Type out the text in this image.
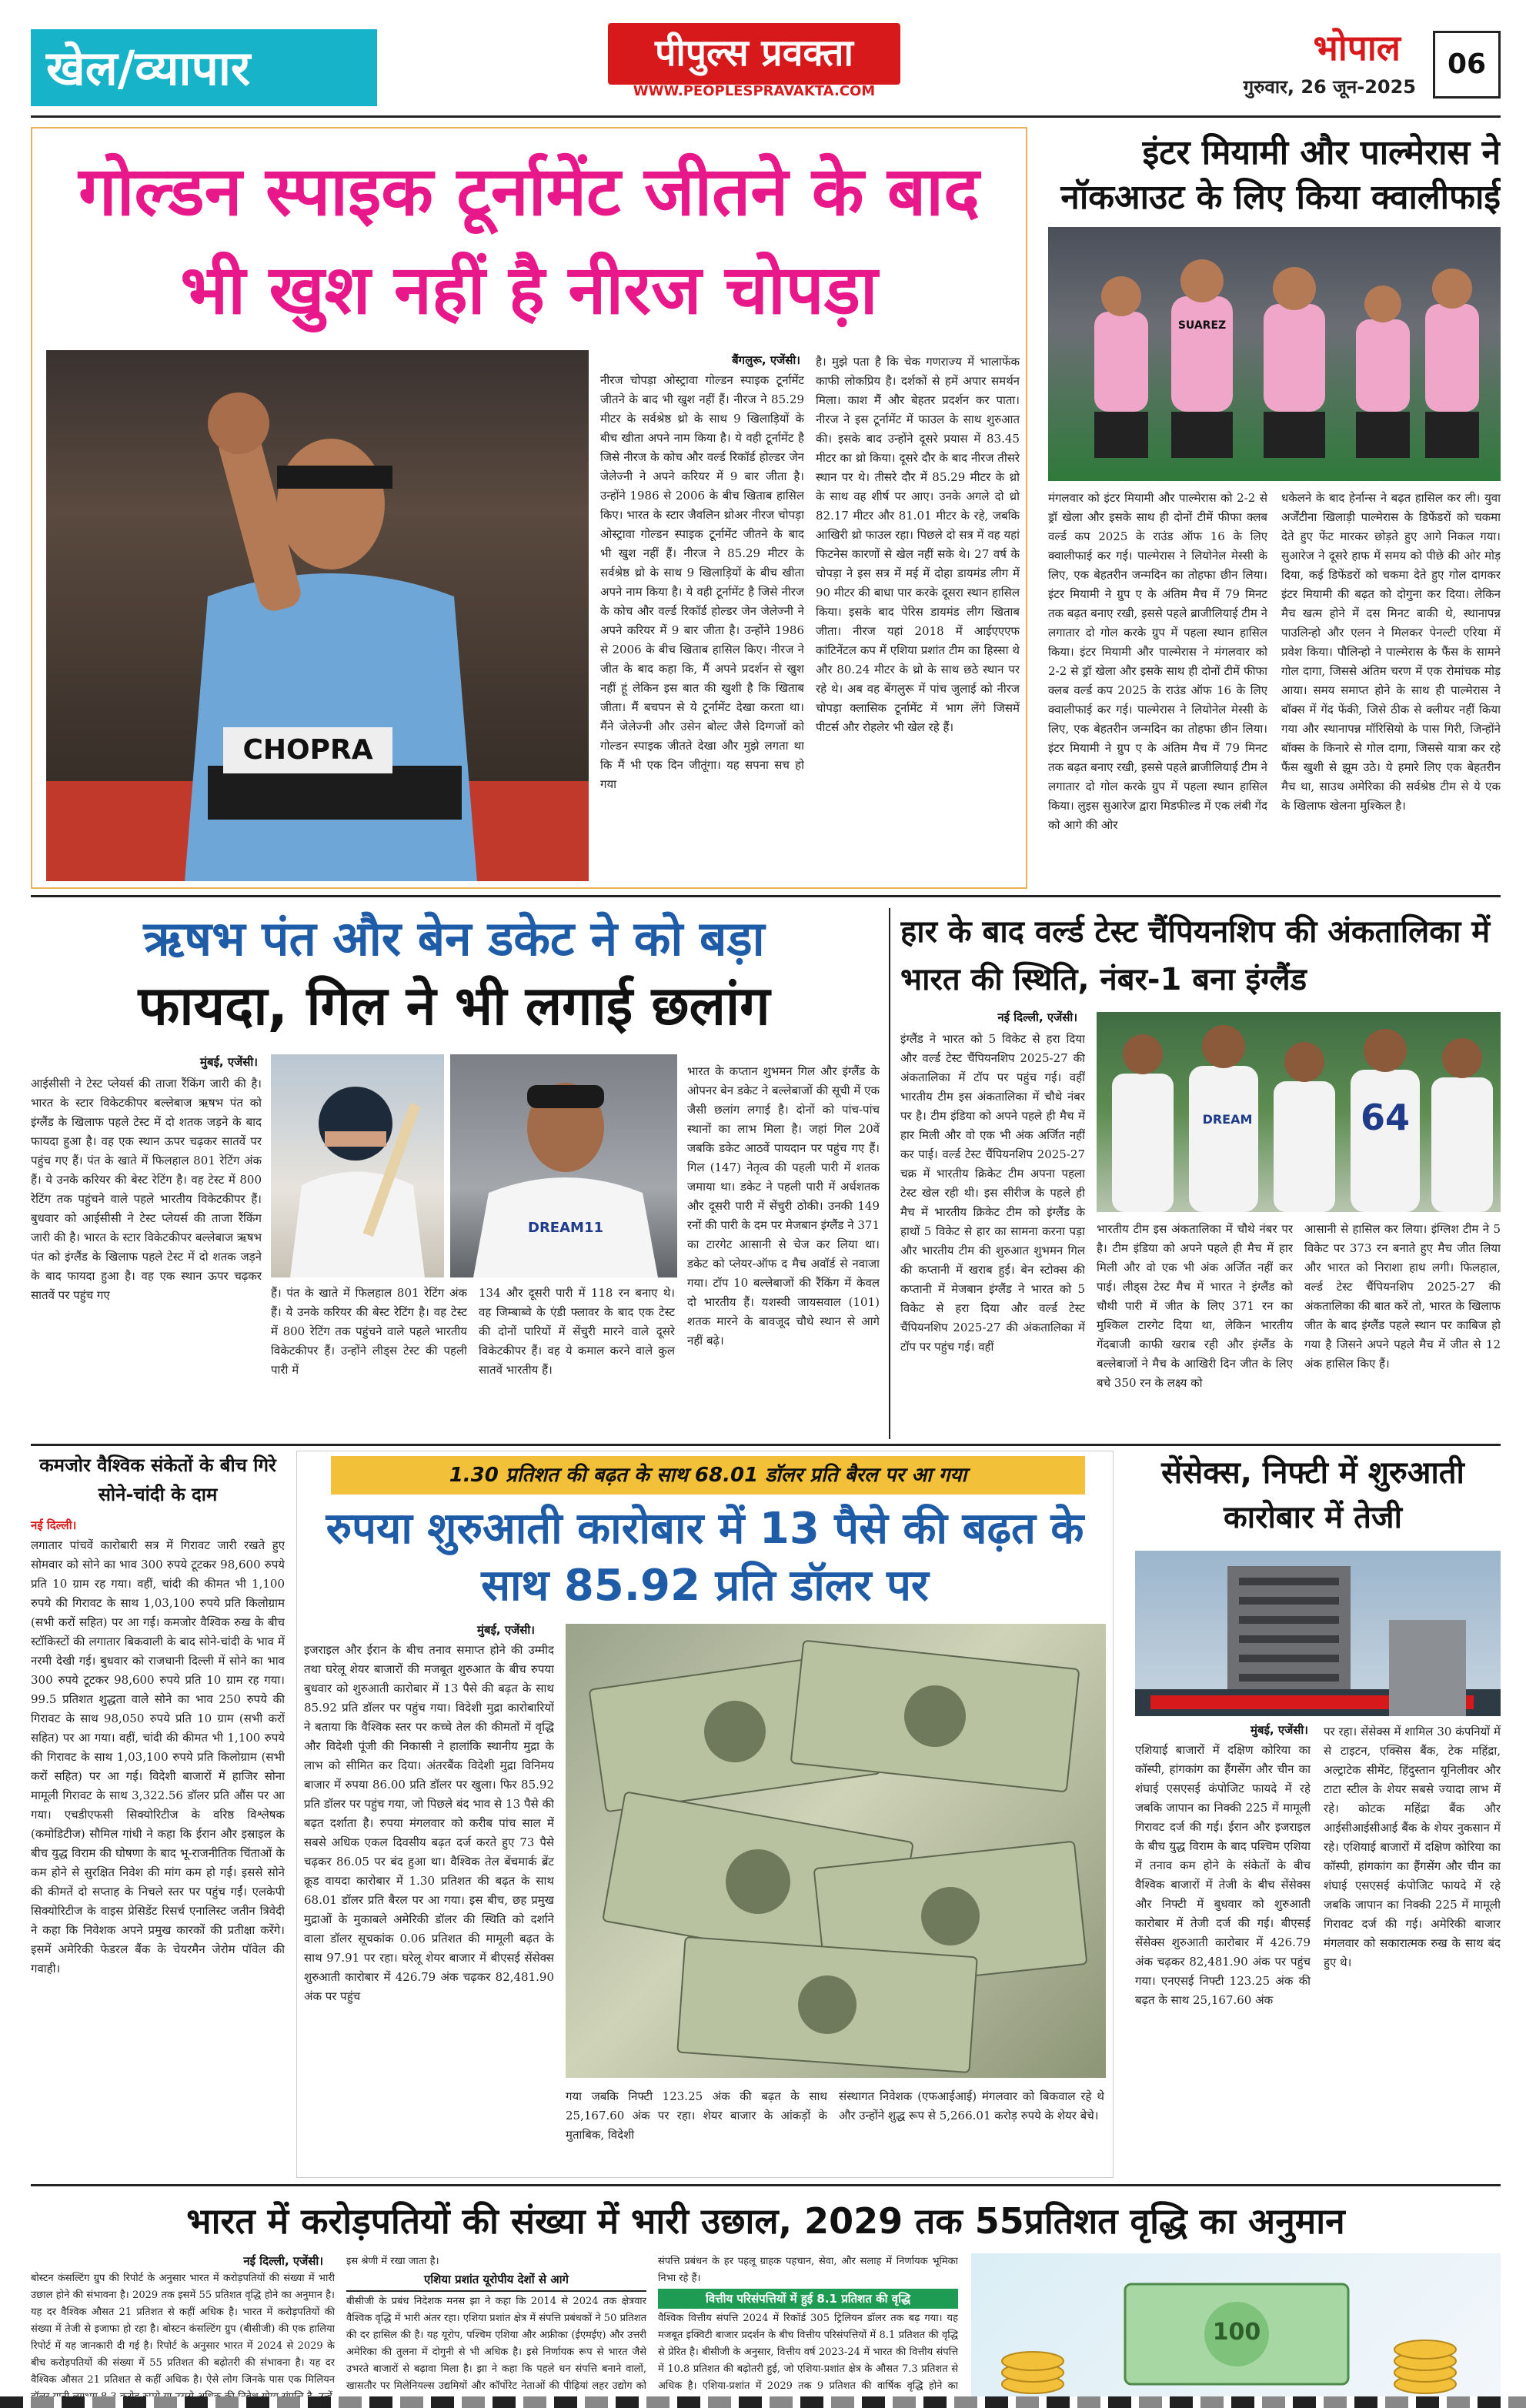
खेल/व्यापार	पीपुल्स प्रवक्ता
WWW.PEOPLESPRAVAKTA.COM
भोपाल
गुरुवार, 26 जून-2025
06
गोल्डन स्पाइक टूर्नामेंट जीतने के बाद भी खुश नहीं है नीरज चोपड़ा
CHOPRA
बैंगलुरू, एजेंसी।
नीरज चोपड़ा ओस्ट्रावा गोल्डन स्पाइक टूर्नामेंट जीतने के बाद भी खुश नहीं हैं। नीरज ने 85.29 मीटर के सर्वश्रेष्ठ थ्रो के साथ 9 खिलाड़ियों के बीच खीता अपने नाम किया है। ये वही टूर्नामेंट है जिसे नीरज के कोच और वर्ल्ड रिकॉर्ड होल्डर जेन जेलेज्नी ने अपने करियर में 9 बार जीता है। उन्होंने 1986 से 2006 के बीच खिताब हासिल किए। भारत के स्टार जैवलिन थ्रोअर नीरज चोपड़ा ओस्ट्रावा गोल्डन स्पाइक टूर्नामेंट जीतने के बाद भी खुश नहीं हैं। नीरज ने 85.29 मीटर के सर्वश्रेष्ठ थ्रो के साथ 9 खिलाड़ियों के बीच खीता अपने नाम किया है। ये वही टूर्नामेंट है जिसे नीरज के कोच और वर्ल्ड रिकॉर्ड होल्डर जेन जेलेज्नी ने अपने करियर में 9 बार जीता है। उन्होंने 1986 से 2006 के बीच खिताब हासिल किए। नीरज ने जीत के बाद कहा कि, मैं अपने प्रदर्शन से खुश नहीं हूं लेकिन इस बात की खुशी है कि खिताब जीता। मैं बचपन से ये टूर्नामेंट देखा करता था। मैंने जेलेज्नी और उसेन बोल्ट जैसे दिग्गजों को गोल्डन स्पाइक जीतते देखा और मुझे लगता था कि मैं भी एक दिन जीतूंगा। यह सपना सच हो गया
है। मुझे पता है कि चेक गणराज्य में भालाफेंक काफी लोकप्रिय है। दर्शकों से हमें अपार समर्थन मिला। काश मैं और बेहतर प्रदर्शन कर पाता। नीरज ने इस टूर्नामेंट में फाउल के साथ शुरुआत की। इसके बाद उन्होंने दूसरे प्रयास में 83.45 मीटर का थ्रो किया। दूसरे दौर के बाद नीरज तीसरे स्थान पर थे। तीसरे दौर में 85.29 मीटर के थ्रो के साथ वह शीर्ष पर आए। उनके अगले दो थ्रो 82.17 मीटर और 81.01 मीटर के रहे, जबकि आखिरी थ्रो फाउल रहा। पिछले दो सत्र में वह यहां फिटनेस कारणों से खेल नहीं सके थे। 27 वर्ष के चोपड़ा ने इस सत्र में मई में दोहा डायमंड लीग में 90 मीटर की बाधा पार करके दूसरा स्थान हासिल किया। इसके बाद पेरिस डायमंड लीग खिताब जीता। नीरज यहां 2018 में आईएएएफ कांटिनेंटल कप में एशिया प्रशांत टीम का हिस्सा थे और 80.24 मीटर के थ्रो के साथ छठे स्थान पर रहे थे। अब वह बेंगलुरू में पांच जुलाई को नीरज चोपड़ा क्लासिक टूर्नामेंट में भाग लेंगे जिसमें पीटर्स और रोहलेर भी खेल रहे हैं।
इंटर मियामी और पाल्मेरास ने नॉकआउट के लिए किया क्वालीफाई
SUAREZ
मंगलवार को इंटर मियामी और पाल्मेरास को 2-2 से ड्रॉ खेला और इसके साथ ही दोनों टीमें फीफा क्लब वर्ल्ड कप 2025 के राउंड ऑफ 16 के लिए क्वालीफाई कर गई। पाल्मेरास ने लियोनेल मेस्सी के लिए, एक बेहतरीन जन्मदिन का तोहफा छीन लिया। इंटर मियामी ने ग्रुप ए के अंतिम मैच में 79 मिनट तक बढ़त बनाए रखी, इससे पहले ब्राजीलियाई टीम ने लगातार दो गोल करके ग्रुप में पहला स्थान हासिल किया। इंटर मियामी और पाल्मेरास ने मंगलवार को 2-2 से ड्रॉ खेला और इसके साथ ही दोनों टीमें फीफा क्लब वर्ल्ड कप 2025 के राउंड ऑफ 16 के लिए क्वालीफाई कर गई। पाल्मेरास ने लियोनेल मेस्सी के लिए, एक बेहतरीन जन्मदिन का तोहफा छीन लिया। इंटर मियामी ने ग्रुप ए के अंतिम मैच में 79 मिनट तक बढ़त बनाए रखी, इससे पहले ब्राजीलियाई टीम ने लगातार दो गोल करके ग्रुप में पहला स्थान हासिल किया। लुइस सुआरेज द्वारा मिडफील्ड में एक लंबी गेंद को आगे की ओर
धकेलने के बाद हेर्नान्स ने बढ़त हासिल कर ली। युवा अर्जेंटीना खिलाड़ी पाल्मेरास के डिफेंडरों को चकमा देते हुए फेंट मारकर छोड़ते हुए आगे निकल गया। सुआरेज ने दूसरे हाफ में समय को पीछे की ओर मोड़ दिया, कई डिफेंडरों को चकमा देते हुए गोल दागकर इंटर मियामी की बढ़त को दोगुना कर दिया। लेकिन मैच खत्म होने में दस मिनट बाकी थे, स्थानापन्न पाउलिन्हो और एलन ने मिलकर पेनल्टी एरिया में प्रवेश किया। पौलिन्हो ने पाल्मेरास के फैंस के सामने गोल दागा, जिससे अंतिम चरण में एक रोमांचक मोड़ आया। समय समाप्त होने के साथ ही पाल्मेरास ने बॉक्स में गेंद फेंकी, जिसे ठीक से क्लीयर नहीं किया गया और स्थानापन्न मॉरिसियो के पास गिरी, जिन्होंने बॉक्स के किनारे से गोल दागा, जिससे यात्रा कर रहे फैंस खुशी से झूम उठे। ये हमारे लिए एक बेहतरीन मैच था, साउथ अमेरिका की सर्वश्रेष्ठ टीम से ये एक के खिलाफ खेलना मुश्किल है।
ऋषभ पंत और बेन डकेट ने को बड़ा
फायदा, गिल ने भी लगाई छलांग
मुंबई, एजेंसी।
आईसीसी ने टेस्ट प्लेयर्स की ताजा रैंकिंग जारी की है। भारत के स्टार विकेटकीपर बल्लेबाज ऋषभ पंत को इंग्लैंड के खिलाफ पहले टेस्ट में दो शतक जड़ने के बाद फायदा हुआ है। वह एक स्थान ऊपर चढ़कर सातवें पर पहुंच गए हैं। पंत के खाते में फिलहाल 801 रेटिंग अंक हैं। ये उनके करियर की बेस्ट रेटिंग है। वह टेस्ट में 800 रेटिंग तक पहुंचने वाले पहले भारतीय विकेटकीपर हैं। बुधवार को आईसीसी ने टेस्ट प्लेयर्स की ताजा रैंकिंग जारी की है। भारत के स्टार विकेटकीपर बल्लेबाज ऋषभ पंत को इंग्लैंड के खिलाफ पहले टेस्ट में दो शतक जड़ने के बाद फायदा हुआ है। वह एक स्थान ऊपर चढ़कर सातवें पर पहुंच गए
DREAM11
हैं। पंत के खाते में फिलहाल 801 रेटिंग अंक हैं। ये उनके करियर की बेस्ट रेटिंग है। वह टेस्ट में 800 रेटिंग तक पहुंचने वाले पहले भारतीय विकेटकीपर हैं। उन्होंने लीड्स टेस्ट की पहली पारी में
134 और दूसरी पारी में 118 रन बनाए थे। वह जिम्बाब्वे के एंडी फ्लावर के बाद एक टेस्ट की दोनों पारियों में सेंचुरी मारने वाले दूसरे विकेटकीपर हैं। वह ये कमाल करने वाले कुल सातवें भारतीय हैं।
भारत के कप्तान शुभमन गिल और इंग्लैंड के ओपनर बेन डकेट ने बल्लेबाजों की सूची में एक जैसी छलांग लगाई है। दोनों को पांच-पांच स्थानों का लाभ मिला है। जहां गिल 20वें जबकि डकेट आठवें पायदान पर पहुंच गए हैं। गिल (147) नेतृत्व की पहली पारी में शतक जमाया था। डकेट ने पहली पारी में अर्धशतक और दूसरी पारी में सेंचुरी ठोकी। उनकी 149 रनों की पारी के दम पर मेजबान इंग्लैंड ने 371 का टारगेट आसानी से चेज कर लिया था। डकेट को प्लेयर-ऑफ द मैच अवॉर्ड से नवाजा गया। टॉप 10 बल्लेबाजों की रैंकिंग में केवल दो भारतीय हैं। यशस्वी जायसवाल (101) शतक मारने के बावजूद चौथे स्थान से आगे नहीं बढ़े।
हार के बाद वर्ल्ड टेस्ट चैंपियनशिप की अंकतालिका में भारत की स्थिति, नंबर-1 बना इंग्लैंड
नई दिल्ली, एजेंसी।
इंग्लैंड ने भारत को 5 विकेट से हरा दिया और वर्ल्ड टेस्ट चैंपियनशिप 2025-27 की अंकतालिका में टॉप पर पहुंच गई। वहीं भारतीय टीम इस अंकतालिका में चौथे नंबर पर है। टीम इंडिया को अपने पहले ही मैच में हार मिली और वो एक भी अंक अर्जित नहीं कर पाई। वर्ल्ड टेस्ट चैंपियनशिप 2025-27 चक्र में भारतीय क्रिकेट टीम अपना पहला टेस्ट खेल रही थी। इस सीरीज के पहले ही मैच में भारतीय क्रिकेट टीम को इंग्लैंड के हाथों 5 विकेट से हार का सामना करना पड़ा और भारतीय टीम की शुरुआत शुभमन गिल की कप्तानी में खराब हुई। बेन स्टोक्स की कप्तानी में मेजबान इंग्लैंड ने भारत को 5 विकेट से हरा दिया और वर्ल्ड टेस्ट चैंपियनशिप 2025-27 की अंकतालिका में टॉप पर पहुंच गई। वहीं
DREAM	64
भारतीय टीम इस अंकतालिका में चौथे नंबर पर है। टीम इंडिया को अपने पहले ही मैच में हार मिली और वो एक भी अंक अर्जित नहीं कर पाई। लीड्स टेस्ट मैच में भारत ने इंग्लैंड को चौथी पारी में जीत के लिए 371 रन का मुश्किल टारगेट दिया था, लेकिन भारतीय गेंदबाजी काफी खराब रही और इंग्लैंड के बल्लेबाजों ने मैच के आखिरी दिन जीत के लिए बचे 350 रन के लक्ष्य को
आसानी से हासिल कर लिया। इंग्लिश टीम ने 5 विकेट पर 373 रन बनाते हुए मैच जीत लिया और भारत को निराशा हाथ लगी। फिलहाल, वर्ल्ड टेस्ट चैंपियनशिप 2025-27 की अंकतालिका की बात करें तो, भारत के खिलाफ जीत के बाद इंग्लैंड पहले स्थान पर काबिज हो गया है जिसने अपने पहले मैच में जीत से 12 अंक हासिल किए हैं।
कमजोर वैश्विक संकेतों के बीच गिरे सोने-चांदी के दाम
नई दिल्ली।
लगातार पांचवें कारोबारी सत्र में गिरावट जारी रखते हुए सोमवार को सोने का भाव 300 रुपये टूटकर 98,600 रुपये प्रति 10 ग्राम रह गया। वहीं, चांदी की कीमत भी 1,100 रुपये की गिरावट के साथ 1,03,100 रुपये प्रति किलोग्राम (सभी करों सहित) पर आ गई। कमजोर वैश्विक रुख के बीच स्टॉकिस्टों की लगातार बिकवाली के बाद सोने-चांदी के भाव में नरमी देखी गई। बुधवार को राजधानी दिल्ली में सोने का भाव 300 रुपये टूटकर 98,600 रुपये प्रति 10 ग्राम रह गया। 99.5 प्रतिशत शुद्धता वाले सोने का भाव 250 रुपये की गिरावट के साथ 98,050 रुपये प्रति 10 ग्राम (सभी करों सहित) पर आ गया। वहीं, चांदी की कीमत भी 1,100 रुपये की गिरावट के साथ 1,03,100 रुपये प्रति किलोग्राम (सभी करों सहित) पर आ गई। विदेशी बाजारों में हाजिर सोना मामूली गिरावट के साथ 3,322.56 डॉलर प्रति औंस पर आ गया। एचडीएफसी सिक्योरिटीज के वरिष्ठ विश्लेषक (कमोडिटीज) सौमिल गांधी ने कहा कि ईरान और इस्राइल के बीच युद्ध विराम की घोषणा के बाद भू-राजनीतिक चिंताओं के कम होने से सुरक्षित निवेश की मांग कम हो गई। इससे सोने की कीमतें दो सप्ताह के निचले स्तर पर पहुंच गईं। एलकेपी सिक्योरिटीज के वाइस प्रेसिडेंट रिसर्च एनालिस्ट जतीन त्रिवेदी ने कहा कि निवेशक अपने प्रमुख कारकों की प्रतीक्षा करेंगे। इसमें अमेरिकी फेडरल बैंक के चेयरमैन जेरोम पॉवेल की गवाही।
1.30 प्रतिशत की बढ़त के साथ 68.01 डॉलर प्रति बैरल पर आ गया
रुपया शुरुआती कारोबार में 13 पैसे की बढ़त के साथ 85.92 प्रति डॉलर पर
मुंबई, एजेंसी।
इजराइल और ईरान के बीच तनाव समाप्त होने की उम्मीद तथा घरेलू शेयर बाजारों की मजबूत शुरुआत के बीच रुपया बुधवार को शुरुआती कारोबार में 13 पैसे की बढ़त के साथ 85.92 प्रति डॉलर पर पहुंच गया। विदेशी मुद्रा कारोबारियों ने बताया कि वैश्विक स्तर पर कच्चे तेल की कीमतों में वृद्धि और विदेशी पूंजी की निकासी ने हालांकि स्थानीय मुद्रा के लाभ को सीमित कर दिया। अंतरबैंक विदेशी मुद्रा विनिमय बाजार में रुपया 86.00 प्रति डॉलर पर खुला। फिर 85.92 प्रति डॉलर पर पहुंच गया, जो पिछले बंद भाव से 13 पैसे की बढ़त दर्शाता है। रुपया मंगलवार को करीब पांच साल में सबसे अधिक एकल दिवसीय बढ़त दर्ज करते हुए 73 पैसे चढ़कर 86.05 पर बंद हुआ था। वैश्विक तेल बेंचमार्क ब्रेंट क्रूड वायदा कारोबार में 1.30 प्रतिशत की बढ़त के साथ 68.01 डॉलर प्रति बैरल पर आ गया। इस बीच, छह प्रमुख मुद्राओं के मुकाबले अमेरिकी डॉलर की स्थिति को दर्शाने वाला डॉलर सूचकांक 0.06 प्रतिशत की मामूली बढ़त के साथ 97.91 पर रहा। घरेलू शेयर बाजार में बीएसई सेंसेक्स शुरुआती कारोबार में 426.79 अंक चढ़कर 82,481.90 अंक पर पहुंच
गया जबकि निफ्टी 123.25 अंक की बढ़त के साथ 25,167.60 अंक पर रहा। शेयर बाजार के आंकड़ों के मुताबिक, विदेशी
संस्थागत निवेशक (एफआईआई) मंगलवार को बिकवाल रहे थे और उन्होंने शुद्ध रूप से 5,266.01 करोड़ रुपये के शेयर बेचे।
सेंसेक्स, निफ्टी में शुरुआती कारोबार में तेजी
मुंबई, एजेंसी।
एशियाई बाजारों में दक्षिण कोरिया का कॉस्पी, हांगकांग का हैंगसेंग और चीन का शंघाई एसएसई कंपोजिट फायदे में रहे जबकि जापान का निक्की 225 में मामूली गिरावट दर्ज की गई। ईरान और इजराइल के बीच युद्ध विराम के बाद पश्चिम एशिया में तनाव कम होने के संकेतों के बीच वैश्विक बाजारों में तेजी के बीच सेंसेक्स और निफ्टी में बुधवार को शुरुआती कारोबार में तेजी दर्ज की गई। बीएसई सेंसेक्स शुरुआती कारोबार में 426.79 अंक चढ़कर 82,481.90 अंक पर पहुंच गया। एनएसई निफ्टी 123.25 अंक की बढ़त के साथ 25,167.60 अंक
पर रहा। सेंसेक्स में शामिल 30 कंपनियों में से टाइटन, एक्सिस बैंक, टेक महिंद्रा, अल्ट्राटेक सीमेंट, हिंदुस्तान यूनिलीवर और टाटा स्टील के शेयर सबसे ज्यादा लाभ में रहे। कोटक महिंद्रा बैंक और आईसीआईसीआई बैंक के शेयर नुकसान में रहे। एशियाई बाजारों में दक्षिण कोरिया का कॉस्पी, हांगकांग का हैंगसेंग और चीन का शंघाई एसएसई कंपोजिट फायदे में रहे जबकि जापान का निक्की 225 में मामूली गिरावट दर्ज की गई। अमेरिकी बाजार मंगलवार को सकारात्मक रुख के साथ बंद हुए थे।
भारत में करोड़पतियों की संख्या में भारी उछाल, 2029 तक 55प्रतिशत वृद्धि का अनुमान
नई दिल्ली, एजेंसी।
बोस्टन कंसल्टिंग ग्रुप की रिपोर्ट के अनुसार भारत में करोड़पतियों की संख्या में भारी उछाल होने की संभावना है। 2029 तक इसमें 55 प्रतिशत वृद्धि होने का अनुमान है। यह दर वैश्विक औसत 21 प्रतिशत से कहीं अधिक है। भारत में करोड़पतियों की संख्या में तेजी से इजाफा हो रहा है। बोस्टन कंसल्टिंग ग्रुप (बीसीजी) की एक हालिया रिपोर्ट में यह जानकारी दी गई है। रिपोर्ट के अनुसार भारत में 2024 से 2029 के बीच करोड़पतियों की संख्या में 55 प्रतिशत की बढ़ोतरी की संभावना है। यह दर वैश्विक औसत 21 प्रतिशत से कहीं अधिक है। ऐसे लोग जिनके पास एक मिलियन
इस श्रेणी में रखा जाता है।
एशिया प्रशांत यूरोपीय देशों से आगे
बीसीजी के प्रबंध निदेशक मनस झा ने कहा कि 2014 से 2024 तक क्षेत्रवार वैश्विक वृद्धि में भारी अंतर रहा। एशिया प्रशांत क्षेत्र में संपत्ति प्रबंधकों ने 50 प्रतिशत की दर हासिल की है। यह यूरोप, पश्चिम एशिया और अफ्रीका (ईएमईए) और उत्तरी अमेरिका की तुलना में दोगुनी से भी अधिक है। इसे निर्णायक रूप से भारत जैसे उभरते बाजारों से बढ़ावा मिला है। झा ने कहा कि पहले धन संपत्ति बनाने वालों, खासतौर पर मिलेनियल्स उद्यमियों और कॉर्पोरेट नेताओं की पीढ़ियां लहर उद्योग को
संपत्ति प्रबंधन के हर पहलू ग्राहक पहचान, सेवा, और सलाह में निर्णायक भूमिका निभा रहे हैं।
वित्तीय परिसंपत्तियों में हुई 8.1 प्रतिशत की वृद्धि
वैश्विक वित्तीय संपत्ति 2024 में रिकॉर्ड 305 ट्रिलियन डॉलर तक बढ़ गया। यह मजबूत इक्विटी बाजार प्रदर्शन के बीच वित्तीय परिसंपत्तियों में 8.1 प्रतिशत की वृद्धि से प्रेरित है। बीसीजी के अनुसार, वित्तीय वर्ष 2023-24 में भारत की वित्तीय संपत्ति में 10.8 प्रतिशत की बढ़ोतरी हुई, जो एशिया-प्रशांत क्षेत्र के औसत 7.3 प्रतिशत से अधिक है। एशिया-प्रशांत में 2029 तक 9 प्रतिशत की वार्षिक वृद्धि होने का
100
